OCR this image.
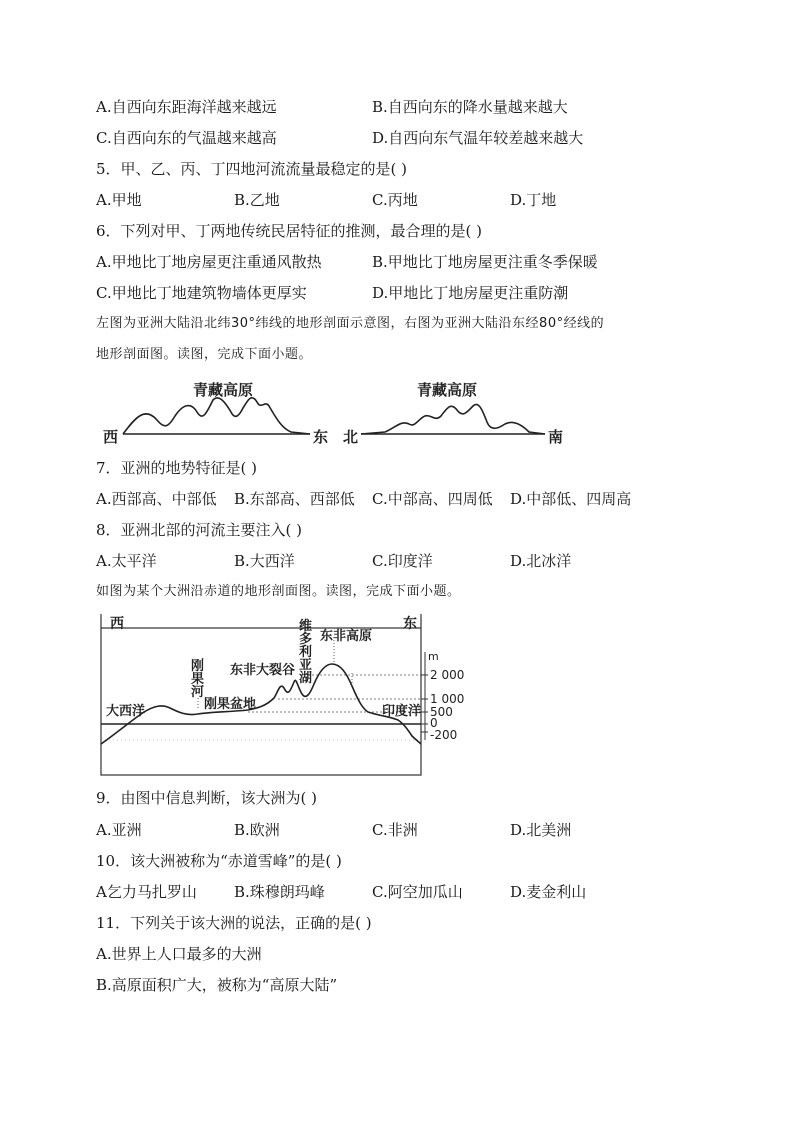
A.自西向东距海洋越来越远	B.自西向东的降水量越来越大
C.自西向东的气温越来越高	D.自西向东气温年较差越来越大
5．甲、乙、丙、丁四地河流流量最稳定的是( )
A.甲地	B.乙地	C.丙地	D.丁地
6．下列对甲、丁两地传统民居特征的推测，最合理的是( )
A.甲地比丁地房屋更注重通风散热	B.甲地比丁地房屋更注重冬季保暖
C.甲地比丁地建筑物墙体更厚实	D.甲地比丁地房屋更注重防潮
左图为亚洲大陆沿北纬30°纬线的地形剖面示意图，右图为亚洲大陆沿东经80°经线的
地形剖面图。读图，完成下面小题。
青藏高原
西	东
青藏高原
北	南
7．亚洲的地势特征是( )
A.西部高、中部低 B.东部高、西部低 C.中部高、四周低 D.中部低、四周高
8．亚洲北部的河流主要注入( )
A.太平洋	B.大西洋	C.印度洋	D.北冰洋
如图为某个大洲沿赤道的地形剖面图。读图，完成下面小题。
西	东
大西洋	印度洋
刚果盆地
东非大裂谷
东非高原
刚果河
维多利亚湖
m
2 000
1 000
500
0
-200
9．由图中信息判断，该大洲为( )
A.亚洲	B.欧洲	C.非洲	D.北美洲
10．该大洲被称为“赤道雪峰”的是( )
A乞力马扎罗山 B.珠穆朗玛峰	C.阿空加瓜山	D.麦金利山
11．下列关于该大洲的说法，正确的是( )
A.世界上人口最多的大洲
B.高原面积广大，被称为“高原大陆”
